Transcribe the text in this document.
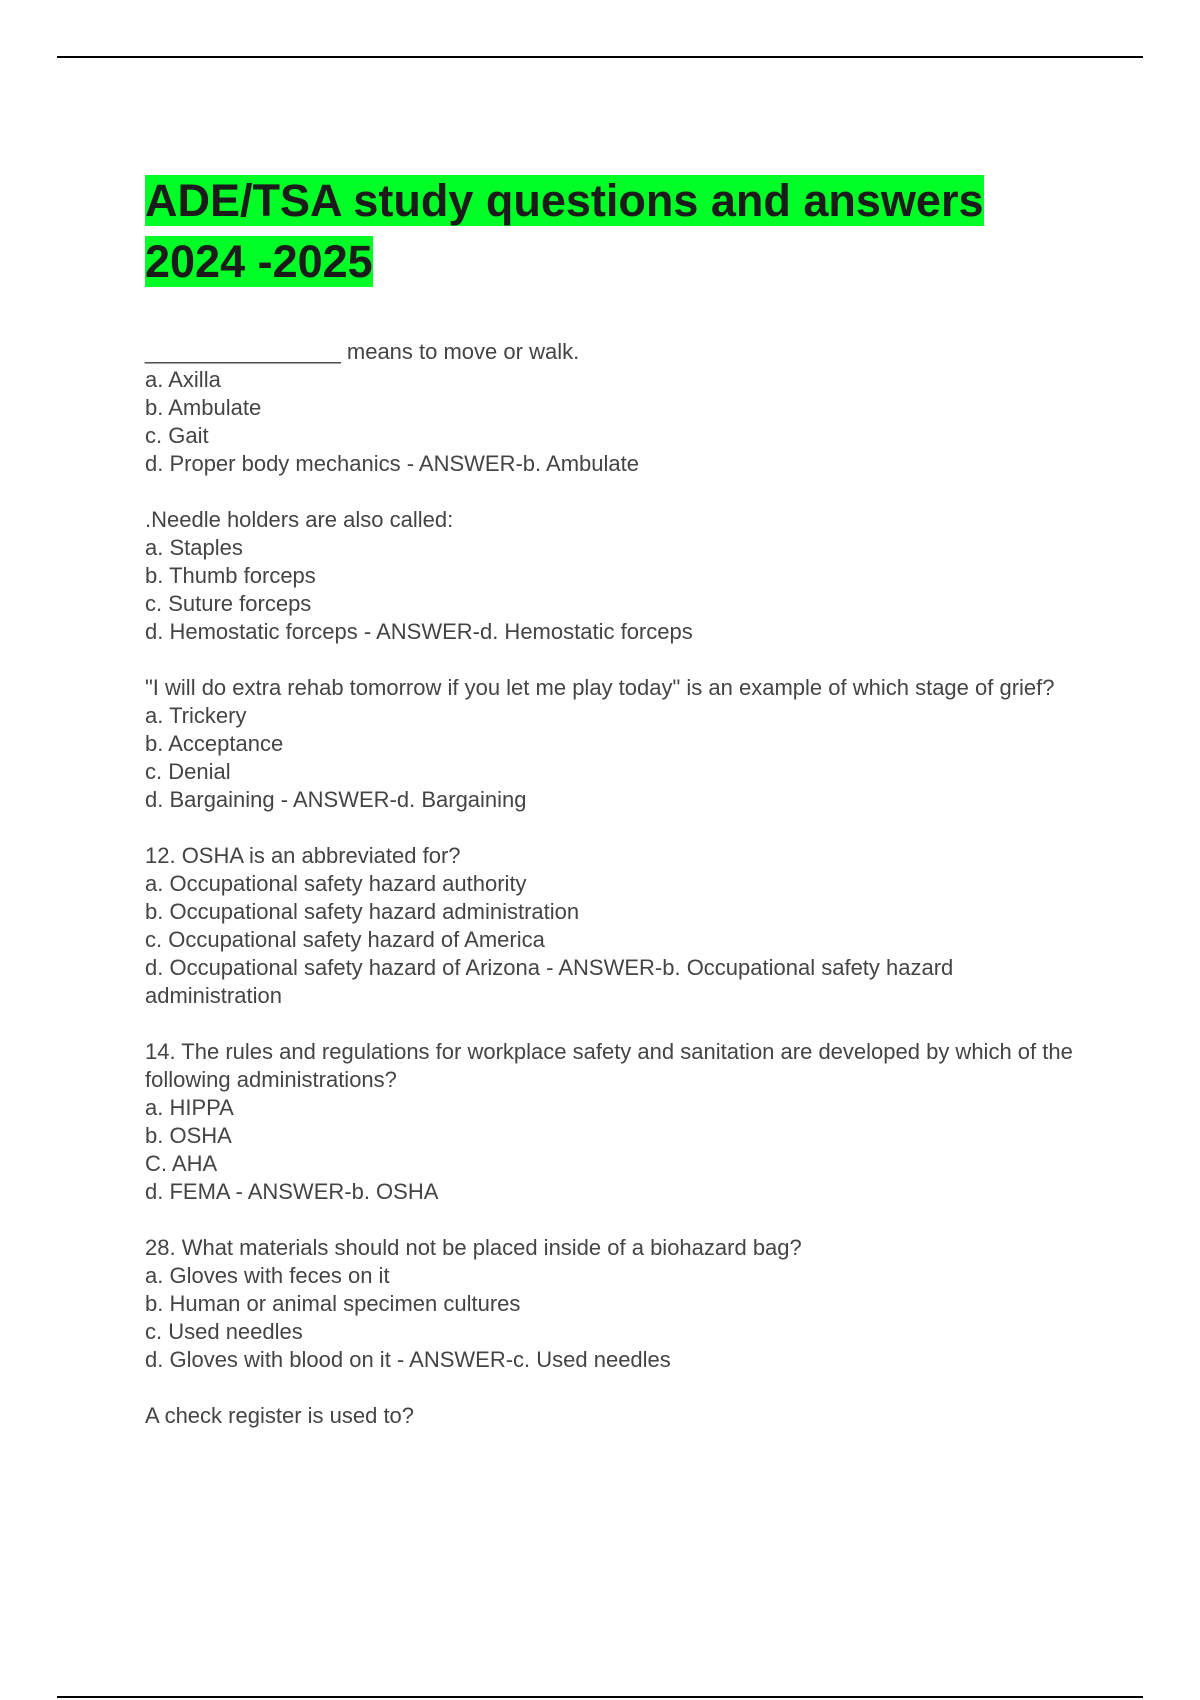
ADE/TSA study questions and answers 2024 -2025
________________ means to move or walk.
a. Axilla
b. Ambulate
c. Gait
d. Proper body mechanics - ANSWER-b. Ambulate
.Needle holders are also called:
a. Staples
b. Thumb forceps
c. Suture forceps
d. Hemostatic forceps - ANSWER-d. Hemostatic forceps
"I will do extra rehab tomorrow if you let me play today" is an example of which stage of grief?
a. Trickery
b. Acceptance
c. Denial
d. Bargaining - ANSWER-d. Bargaining
12. OSHA is an abbreviated for?
a. Occupational safety hazard authority
b. Occupational safety hazard administration
c. Occupational safety hazard of America
d. Occupational safety hazard of Arizona - ANSWER-b. Occupational safety hazard administration
14. The rules and regulations for workplace safety and sanitation are developed by which of the following administrations?
a. HIPPA
b. OSHA
C. AHA
d. FEMA - ANSWER-b. OSHA
28. What materials should not be placed inside of a biohazard bag?
a. Gloves with feces on it
b. Human or animal specimen cultures
c. Used needles
d. Gloves with blood on it - ANSWER-c. Used needles
A check register is used to?
